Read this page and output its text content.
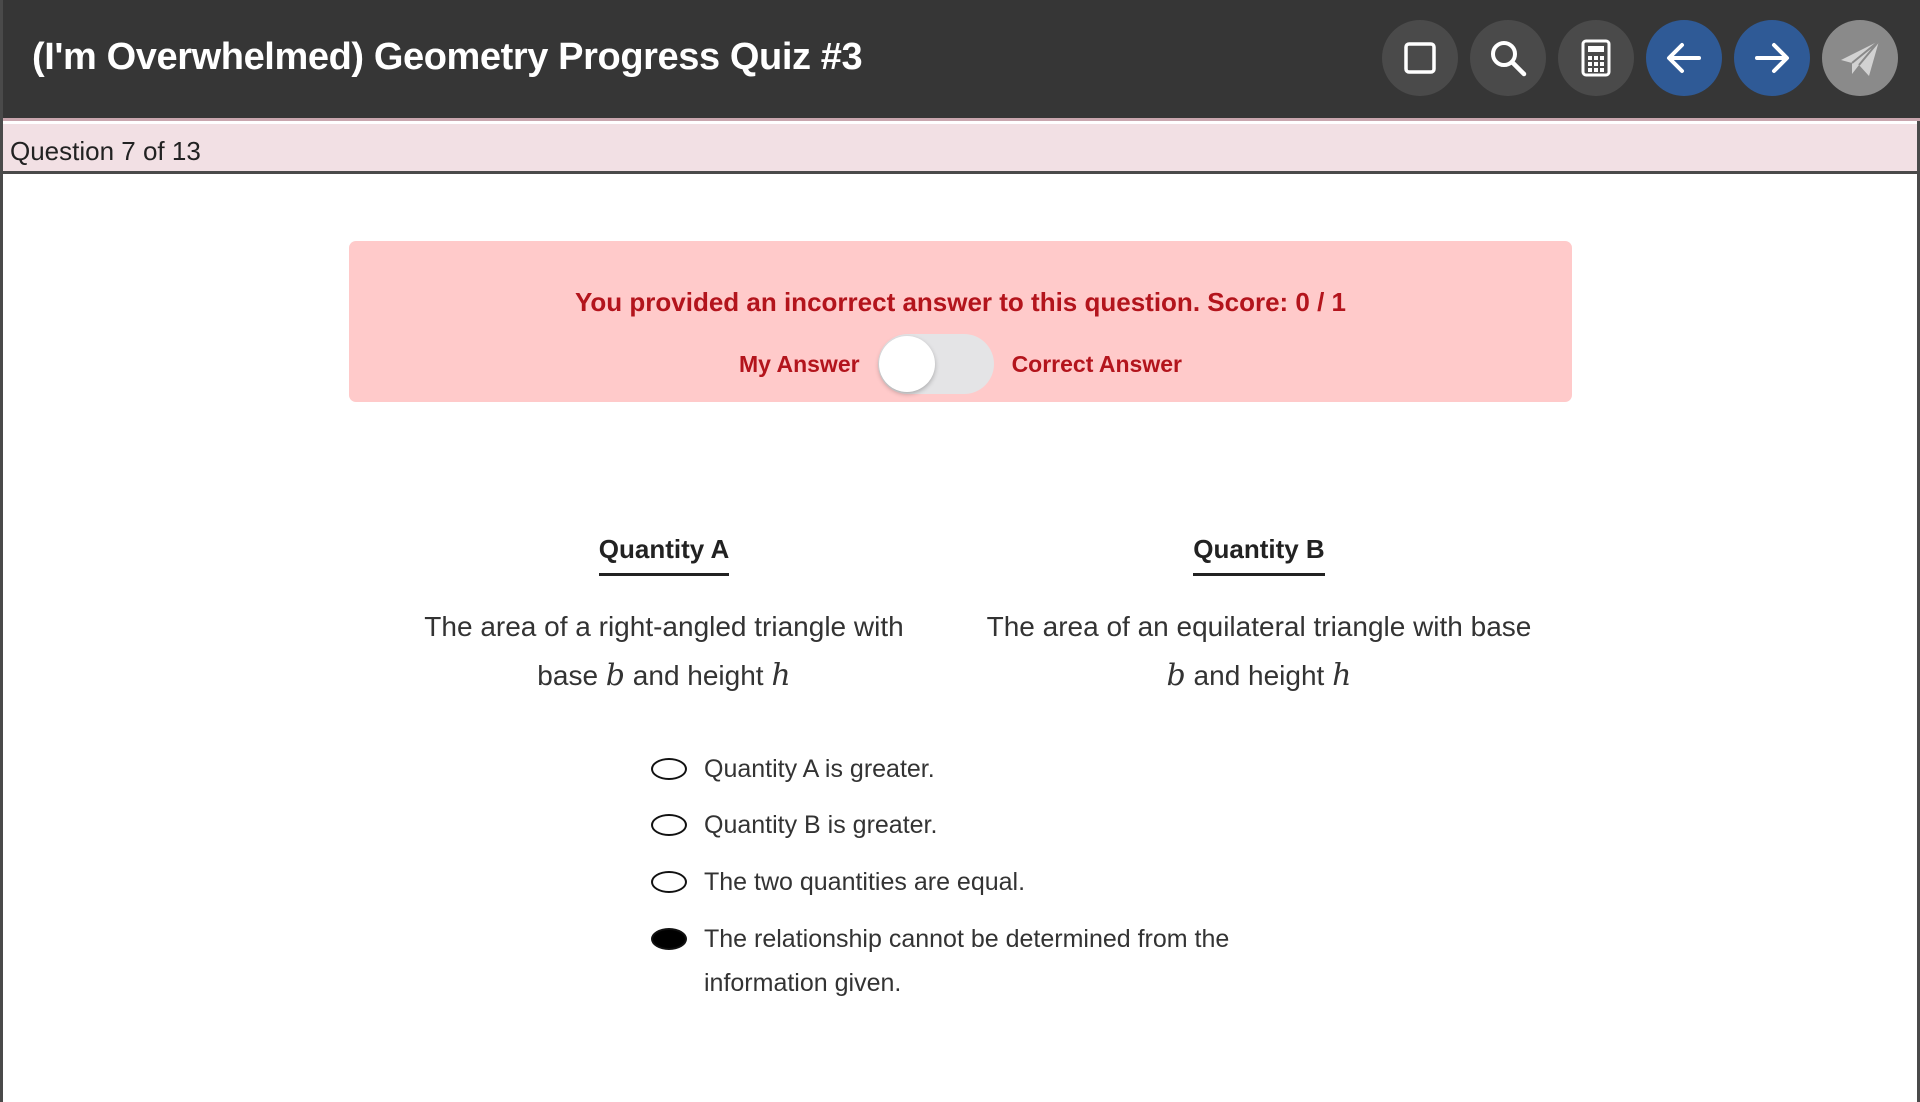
(I'm Overwhelmed) Geometry Progress Quiz #3
Question 7 of 13
You provided an incorrect answer to this question. Score: 0 / 1
My Answer	Correct Answer
Quantity A
The area of a right-angled triangle with
base b and height h
Quantity B
The area of an equilateral triangle with base
b and height h
Quantity A is greater.
Quantity B is greater.
The two quantities are equal.
The relationship cannot be determined from the
information given.
